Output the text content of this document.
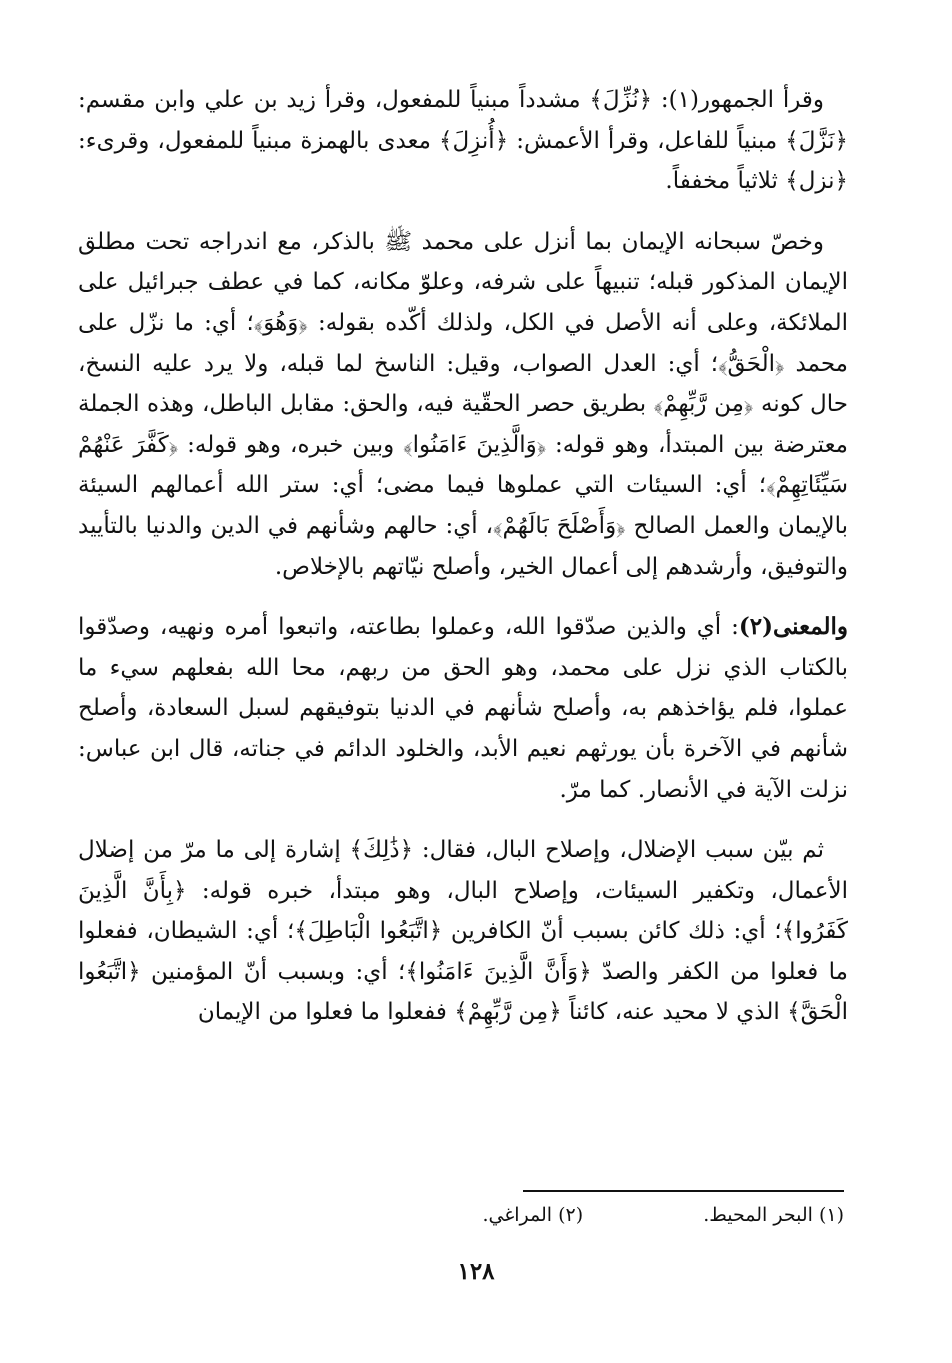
وقرأ الجمهور(١): ﴿نُزِّلَ﴾ مشدداً مبنياً للمفعول، وقرأ زيد بن علي وابن مقسم: ﴿نَزَّلَ﴾ مبنياً للفاعل، وقرأ الأعمش: ﴿أُنزِلَ﴾ معدى بالهمزة مبنياً للمفعول، وقرىء: ﴿نزل﴾ ثلاثياً مخففاً.

وخصّ سبحانه الإيمان بما أنزل على محمد ﷺ بالذكر، مع اندراجه تحت مطلق الإيمان المذكور قبله؛ تنبيهاً على شرفه، وعلوّ مكانه، كما في عطف جبرائيل على الملائكة، وعلى أنه الأصل في الكل، ولذلك أكّده بقوله: ﴿وَهُوَ﴾؛ أي: ما نزّل على محمد ﴿الْحَقُّ﴾؛ أي: العدل الصواب، وقيل: الناسخ لما قبله، ولا يرد عليه النسخ، حال كونه ﴿مِن رَّبِّهِمْ﴾ بطريق حصر الحقّية فيه، والحق: مقابل الباطل، وهذه الجملة معترضة بين المبتدأ، وهو قوله: ﴿وَالَّذِينَ ءَامَنُوا﴾ وبين خبره، وهو قوله: ﴿كَفَّرَ عَنْهُمْ سَيِّئَاتِهِمْ﴾؛ أي: السيئات التي عملوها فيما مضى؛ أي: ستر الله أعمالهم السيئة بالإيمان والعمل الصالح ﴿وَأَصْلَحَ بَالَهُمْ﴾، أي: حالهم وشأنهم في الدين والدنيا بالتأييد والتوفيق، وأرشدهم إلى أعمال الخير، وأصلح نيّاتهم بالإخلاص.

والمعنى(٢): أي والذين صدّقوا الله، وعملوا بطاعته، واتبعوا أمره ونهيه، وصدّقوا بالكتاب الذي نزل على محمد، وهو الحق من ربهم، محا الله بفعلهم سيء ما عملوا، فلم يؤاخذهم به، وأصلح شأنهم في الدنيا بتوفيقهم لسبل السعادة، وأصلح شأنهم في الآخرة بأن يورثهم نعيم الأبد، والخلود الدائم في جناته، قال ابن عباس: نزلت الآية في الأنصار. كما مرّ.

ثم بيّن سبب الإضلال، وإصلاح البال، فقال: ﴿ذَٰلِكَ﴾ إشارة إلى ما مرّ من إضلال الأعمال، وتكفير السيئات، وإصلاح البال، وهو مبتدأ، خبره قوله: ﴿بِأَنَّ الَّذِينَ كَفَرُوا﴾؛ أي: ذلك كائن بسبب أنّ الكافرين ﴿اتَّبَعُوا الْبَاطِلَ﴾؛ أي: الشيطان، ففعلوا ما فعلوا من الكفر والصدّ ﴿وَأَنَّ الَّذِينَ ءَامَنُوا﴾؛ أي: وبسبب أنّ المؤمنين ﴿اتَّبَعُوا الْحَقَّ﴾ الذي لا محيد عنه، كائناً ﴿مِن رَّبِّهِمْ﴾ ففعلوا ما فعلوا من الإيمان

(١) البحر المحيط.
(٢) المراغي.
١٢٨
